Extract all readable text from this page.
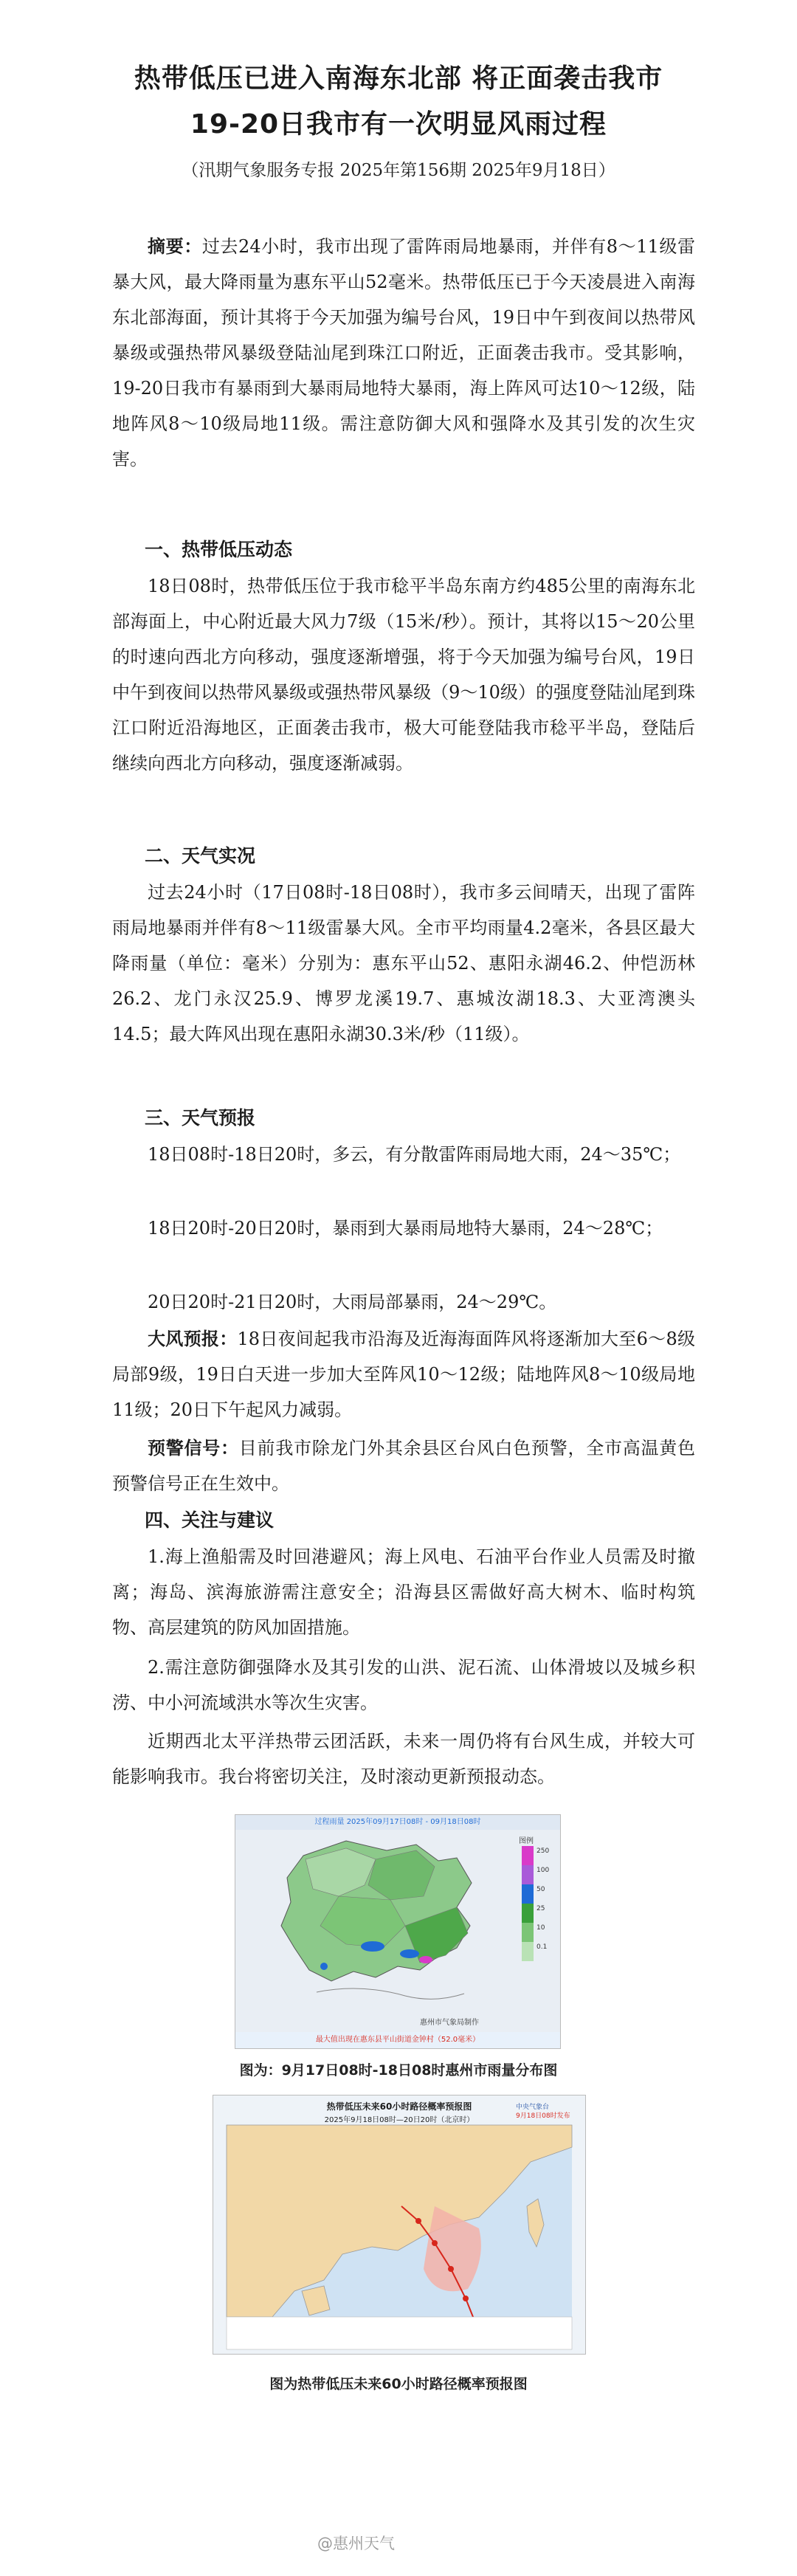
热带低压已进入南海东北部 将正面袭击我市
19-20日我市有一次明显风雨过程
（汛期气象服务专报 2025年第156期 2025年9月18日）

摘要：过去24小时，我市出现了雷阵雨局地暴雨，并伴有8～11级雷暴大风，最大降雨量为惠东平山52毫米。热带低压已于今天凌晨进入南海东北部海面，预计其将于今天加强为编号台风，19日中午到夜间以热带风暴级或强热带风暴级登陆汕尾到珠江口附近，正面袭击我市。受其影响，19-20日我市有暴雨到大暴雨局地特大暴雨，海上阵风可达10～12级，陆地阵风8～10级局地11级。需注意防御大风和强降水及其引发的次生灾害。

一、热带低压动态

18日08时，热带低压位于我市稔平半岛东南方约485公里的南海东北部海面上，中心附近最大风力7级（15米/秒）。预计，其将以15～20公里的时速向西北方向移动，强度逐渐增强，将于今天加强为编号台风，19日中午到夜间以热带风暴级或强热带风暴级（9～10级）的强度登陆汕尾到珠江口附近沿海地区，正面袭击我市，极大可能登陆我市稔平半岛，登陆后继续向西北方向移动，强度逐渐减弱。

二、天气实况

过去24小时（17日08时-18日08时），我市多云间晴天，出现了雷阵雨局地暴雨并伴有8～11级雷暴大风。全市平均雨量4.2毫米，各县区最大降雨量（单位：毫米）分别为：惠东平山52、惠阳永湖46.2、仲恺沥林26.2、龙门永汉25.9、博罗龙溪19.7、惠城汝湖18.3、大亚湾澳头14.5；最大阵风出现在惠阳永湖30.3米/秒（11级）。

三、天气预报

18日08时-18日20时，多云，有分散雷阵雨局地大雨，24～35℃；

18日20时-20日20时，暴雨到大暴雨局地特大暴雨，24～28℃；

20日20时-21日20时，大雨局部暴雨，24～29℃。

大风预报：18日夜间起我市沿海及近海海面阵风将逐渐加大至6～8级局部9级，19日白天进一步加大至阵风10～12级；陆地阵风8～10级局地11级；20日下午起风力减弱。

预警信号：目前我市除龙门外其余县区台风白色预警，全市高温黄色预警信号正在生效中。

四、关注与建议

1.海上渔船需及时回港避风；海上风电、石油平台作业人员需及时撤离；海岛、滨海旅游需注意安全；沿海县区需做好高大树木、临时构筑物、高层建筑的防风加固措施。

2.需注意防御强降水及其引发的山洪、泥石流、山体滑坡以及城乡积涝、中小河流域洪水等次生灾害。

近期西北太平洋热带云团活跃，未来一周仍将有台风生成，并较大可能影响我市。我台将密切关注，及时滚动更新预报动态。

过程雨量 2025年09月17日08时 - 09月18日08时
图例
250
100
50
25
10
0.1
惠州市气象局制作
最大值出现在惠东县平山街道金钟村（52.0毫米）
图为：9月17日08时-18日08时惠州市雨量分布图
热带低压未来60小时路径概率预报图
2025年9月18日08时—20日20时（北京时）
中央气象台
9月18日08时发布
图为热带低压未来60小时路径概率预报图
@惠州天气
